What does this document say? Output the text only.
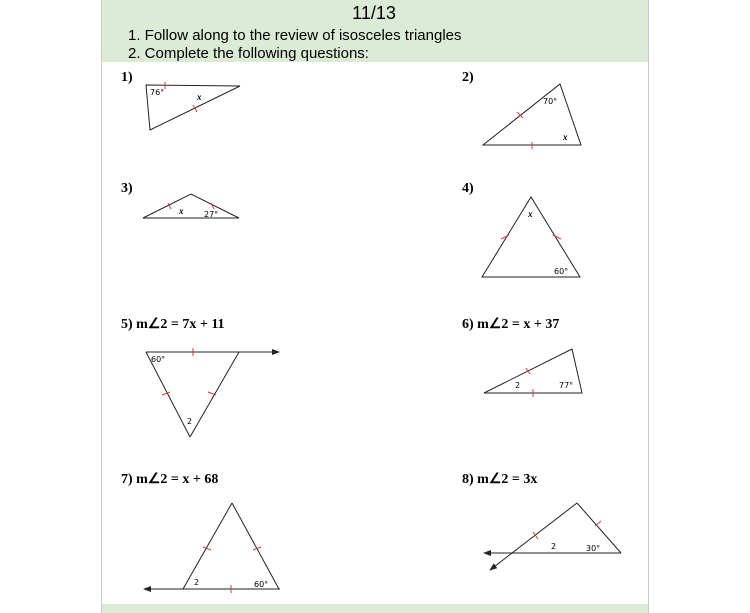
11/13
1. Follow along to the review of isosceles triangles
2. Complete the following questions:
1)	2)
3)	4)
5) m∠2 = 7x + 11	6) m∠2 = x + 37
7) m∠2 = x + 68	8) m∠2 = 3x
76°	x	70°
x
x	27°	x
60°
60°
2
2	77°
2	60°
2	30°
